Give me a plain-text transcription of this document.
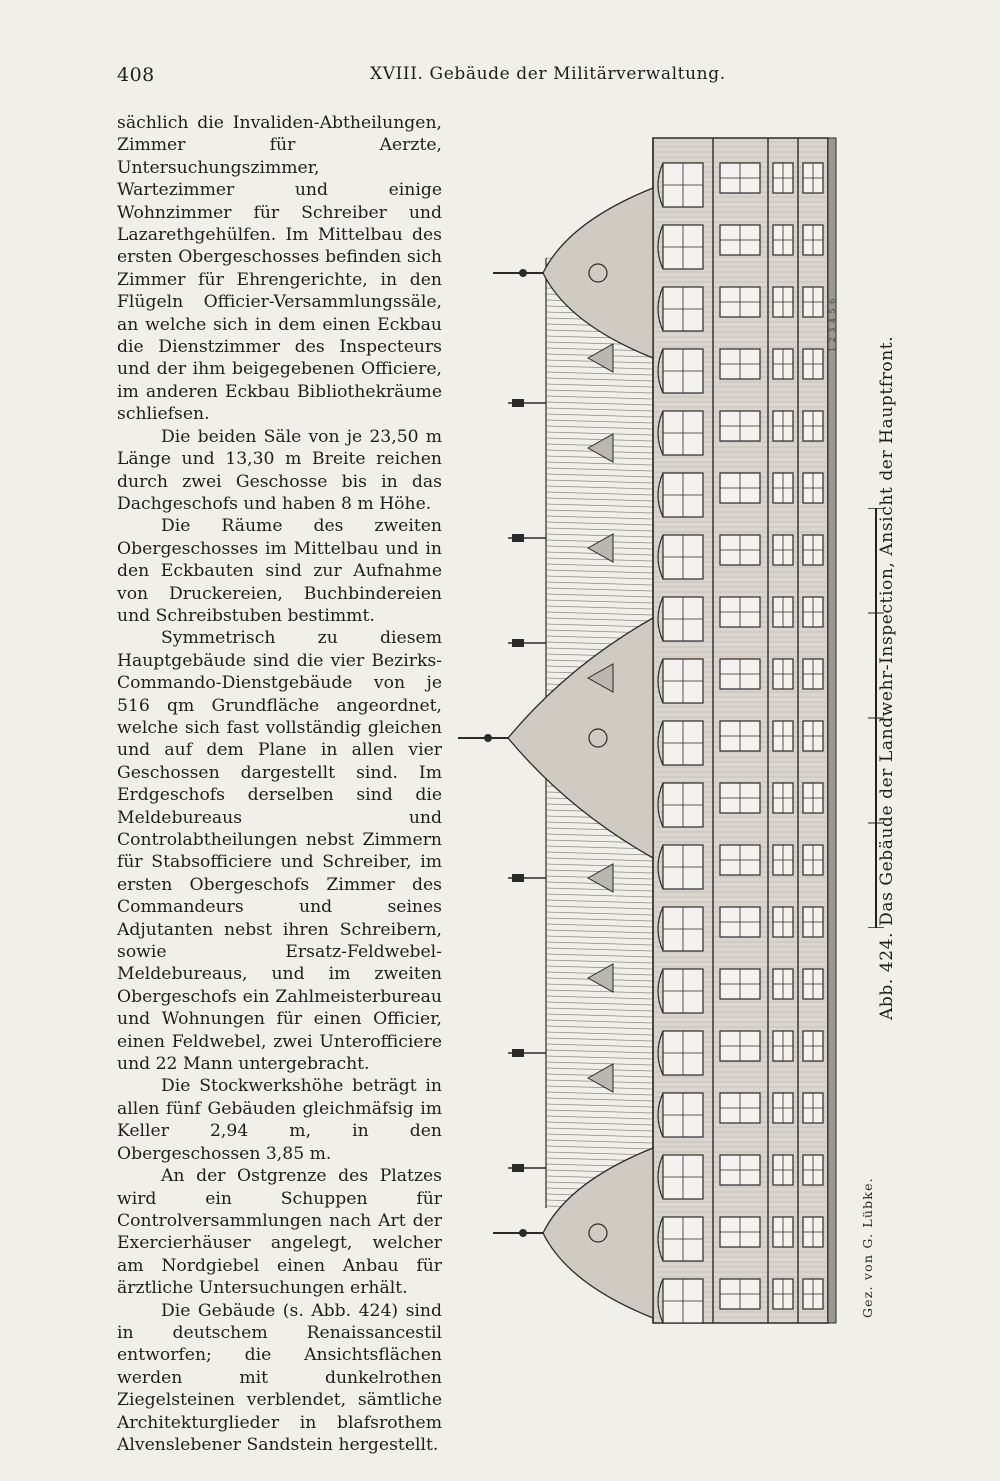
408	XVIII. Gebäude der Militärverwaltung.

sächlich die Invaliden-Abtheilungen, Zimmer für Aerzte, Untersuchungszimmer, Wartezimmer und einige Wohnzimmer für Schreiber und Lazarethgehülfen. Im Mittelbau des ersten Obergeschosses befinden sich Zimmer für Ehrengerichte, in den Flügeln Officier-Versammlungssäle, an welche sich in dem einen Eckbau die Dienstzimmer des Inspecteurs und der ihm beigegebenen Officiere, im anderen Eckbau Bibliothekräume schliefsen.

Die beiden Säle von je 23,50 m Länge und 13,30 m Breite reichen durch zwei Geschosse bis in das Dachgeschofs und haben 8 m Höhe.

Die Räume des zweiten Obergeschosses im Mittelbau und in den Eckbauten sind zur Aufnahme von Druckereien, Buchbindereien und Schreibstuben bestimmt.

Symmetrisch zu diesem Hauptgebäude sind die vier Bezirks-Commando-Dienstgebäude von je 516 qm Grundfläche angeordnet, welche sich fast vollständig gleichen und auf dem Plane in allen vier Geschossen dargestellt sind. Im Erdgeschofs derselben sind die Meldebureaus und Controlabtheilungen nebst Zimmern für Stabsofficiere und Schreiber, im ersten Obergeschofs Zimmer des Commandeurs und seines Adjutanten nebst ihren Schreibern, sowie Ersatz-Feldwebel-Meldebureaus, und im zweiten Obergeschofs ein Zahlmeisterbureau und Wohnungen für einen Officier, einen Feldwebel, zwei Unterofficiere und 22 Mann untergebracht.

Die Stockwerkshöhe beträgt in allen fünf Gebäuden gleichmäfsig im Keller 2,94 m, in den Obergeschossen 3,85 m.

An der Ostgrenze des Platzes wird ein Schuppen für Controlversammlungen nach Art der Exercierhäuser angelegt, welcher am Nordgiebel einen Anbau für ärztliche Untersuchungen erhält.

Die Gebäude (s. Abb. 424) sind in deutschem Renaissancestil entworfen; die Ansichtsflächen werden mit dunkelrothen Ziegelsteinen verblendet, sämtliche Architekturglieder in blafsrothem Alvenslebener Sandstein hergestellt.

1 2 3 4 5 6
Abb. 424. Das Gebäude der Landwehr-Inspection, Ansicht der Hauptfront.
Gez. von G. Lübke.
